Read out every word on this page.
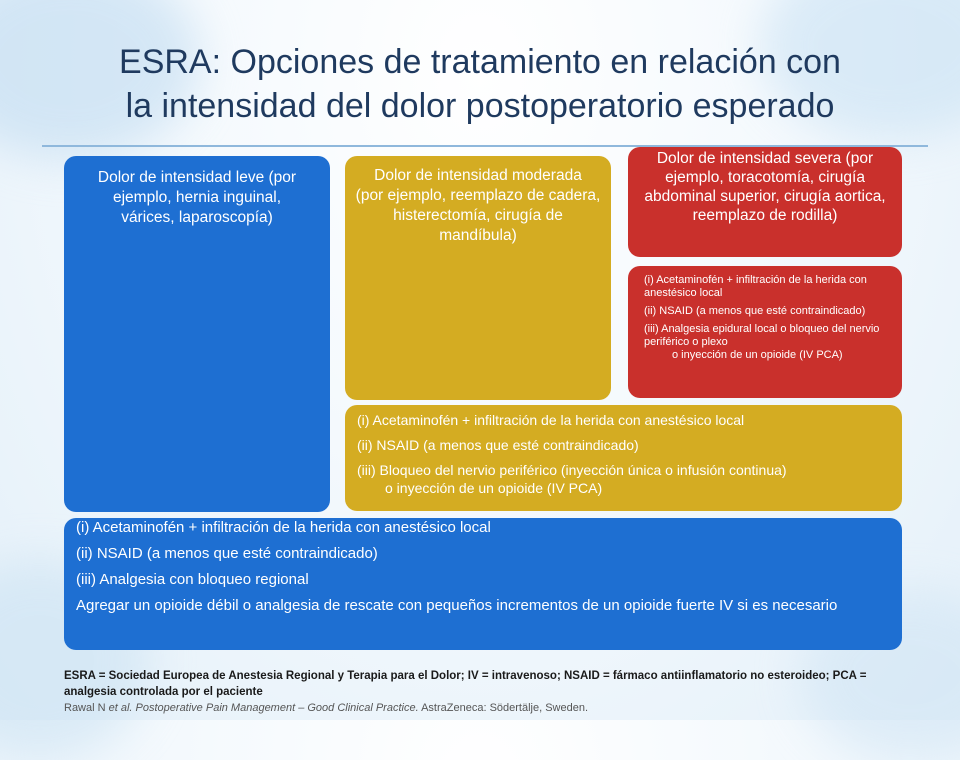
ESRA: Opciones de tratamiento en relación con
la intensidad del dolor postoperatorio esperado
Dolor de intensidad leve (por ejemplo, hernia inguinal, várices, laparoscopía)
Dolor de intensidad moderada
(por ejemplo, reemplazo de cadera, histerectomía, cirugía de mandíbula)
Dolor de intensidad severa (por ejemplo, toracotomía, cirugía abdominal superior, cirugía aortica, reemplazo de rodilla)

(i) Acetaminofén + infiltración de la herida con anestésico local

(ii) NSAID (a menos que esté contraindicado)

(iii) Analgesia epidural local o bloqueo del nervio periférico o plexo

o inyección de un opioide (IV PCA)

(i) Acetaminofén + infiltración de la herida con anestésico local

(ii) NSAID (a menos que esté contraindicado)

(iii) Bloqueo del nervio periférico (inyección única o infusión continua)

o inyección de un opioide (IV PCA)

(i) Acetaminofén + infiltración de la herida con anestésico local

(ii) NSAID (a menos que esté contraindicado)

(iii) Analgesia con bloqueo regional

Agregar un opioide débil o analgesia de rescate con pequeños incrementos de un opioide fuerte IV si es necesario

ESRA = Sociedad Europea de Anestesia Regional y Terapia para el Dolor; IV = intravenoso; NSAID = fármaco antiinflamatorio no esteroideo; PCA = analgesia controlada por el paciente
Rawal N et al. Postoperative Pain Management – Good Clinical Practice. AstraZeneca: Södertälje, Sweden.
